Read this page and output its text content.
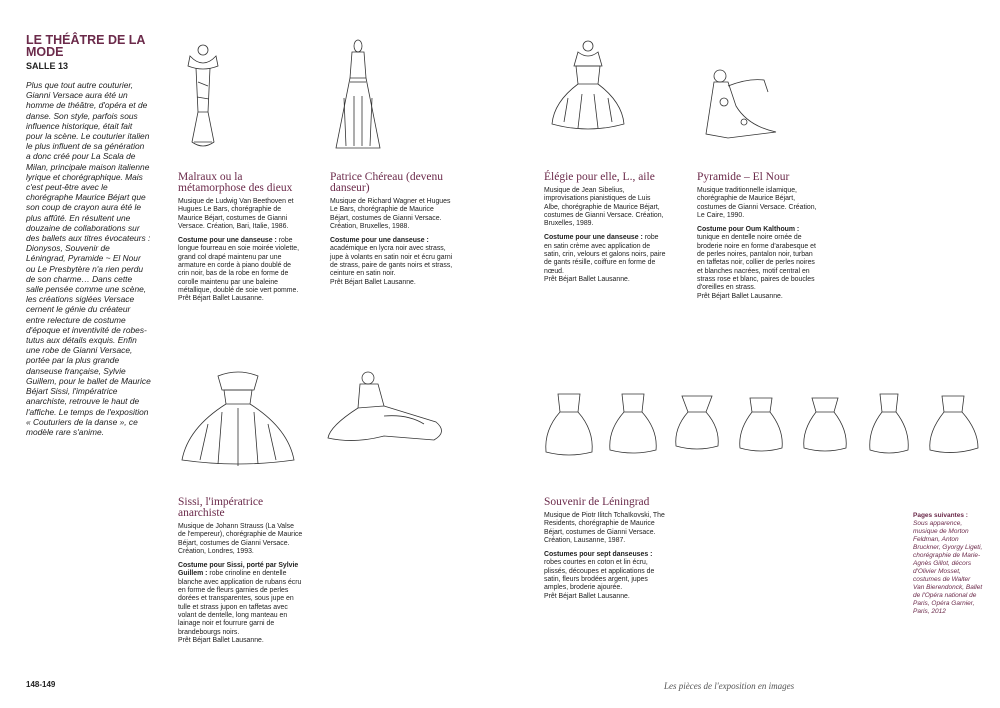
LE THÉÂTRE DE LA MODE
SALLE 13
Plus que tout autre couturier, Gianni Versace aura été un homme de théâtre, d'opéra et de danse. Son style, parfois sous influence historique, était fait pour la scène. Le couturier italien le plus influent de sa génération a donc créé pour La Scala de Milan, principale maison italienne lyrique et chorégraphique. Mais c'est peut-être avec le chorégraphe Maurice Béjart que son coup de crayon aura été le plus affûté. En résultent une douzaine de collaborations sur des ballets aux titres évocateurs : Dionysos, Souvenir de Léningrad, Pyramide ~ El Nour ou Le Presbytère n'a rien perdu de son charme… Dans cette salle pensée comme une scène, les créations siglées Versace cernent le génie du créateur entre relecture de costume d'époque et inventivité de robes-tutus aux détails exquis. Enfin une robe de Gianni Versace, portée par la plus grande danseuse française, Sylvie Guillem, pour le ballet de Maurice Béjart Sissi, l'impératrice anarchiste, retrouve le haut de l'affiche. Le temps de l'exposition « Couturiers de la danse », ce modèle rare s'anime.
Malraux ou la métamorphose des dieux

Musique de Ludwig Van Beethoven et Hugues Le Bars, chorégraphie de Maurice Béjart, costumes de Gianni Versace. Création, Bari, Italie, 1986.

Costume pour une danseuse : robe longue fourreau en soie moirée violette, grand col drapé maintenu par une armature en corde à piano doublé de crin noir, bas de la robe en forme de corolle maintenu par une baleine métallique, doublé de soie vert pomme.
Prêt Béjart Ballet Lausanne.
Patrice Chéreau (devenu danseur)

Musique de Richard Wagner et Hugues Le Bars, chorégraphie de Maurice Béjart, costumes de Gianni Versace. Création, Bruxelles, 1988.

Costume pour une danseuse : académique en lycra noir avec strass, jupe à volants en satin noir et écru garni de strass, paire de gants noirs et strass, ceinture en satin noir.
Prêt Béjart Ballet Lausanne.
Élégie pour elle, L., aile

Musique de Jean Sibelius, improvisations pianistiques de Luis Albe, chorégraphie de Maurice Béjart, costumes de Gianni Versace. Création, Bruxelles, 1989.

Costume pour une danseuse : robe en satin crème avec application de satin, crin, velours et galons noirs, paire de gants résille, coiffure en forme de nœud.
Prêt Béjart Ballet Lausanne.
Pyramide – El Nour

Musique traditionnelle islamique, chorégraphie de Maurice Béjart, costumes de Gianni Versace. Création, Le Caire, 1990.

Costume pour Oum Kalthoum : tunique en dentelle noire ornée de broderie noire en forme d'arabesque et de perles noires, pantalon noir, turban en taffetas noir, collier de perles noires et blanches nacrées, motif central en strass rose et blanc, paires de boucles d'oreilles en strass.
Prêt Béjart Ballet Lausanne.
Sissi, l'impératrice anarchiste

Musique de Johann Strauss (La Valse de l'empereur), chorégraphie de Maurice Béjart, costumes de Gianni Versace. Création, Londres, 1993.

Costume pour Sissi, porté par Sylvie Guillem : robe crinoline en dentelle blanche avec application de rubans écru en forme de fleurs garnies de perles dorées et transparentes, sous jupe en tulle et strass jupon en taffetas avec volant de dentelle, long manteau en lainage noir et fourrure garni de brandebourgs noirs.
Prêt Béjart Ballet Lausanne.
Souvenir de Léningrad

Musique de Piotr Ilitch Tchaïkovski, The Residents, chorégraphie de Maurice Béjart, costumes de Gianni Versace. Création, Lausanne, 1987.

Costumes pour sept danseuses : robes courtes en coton et lin écru, plissés, découpes et applications de satin, fleurs brodées argent, jupes amples, broderie ajourée.
Prêt Béjart Ballet Lausanne.
Pages suivantes :
Sous apparence, musique de Morton Feldman, Anton Bruckner, Gyorgy Ligeti, chorégraphie de Marie-Agnès Gillot, décors d'Olivier Mosset, costumes de Walter Van Bierendonck, Ballet de l'Opéra national de Paris, Opéra Garnier, Paris, 2012
148-149	Les pièces de l'exposition en images
